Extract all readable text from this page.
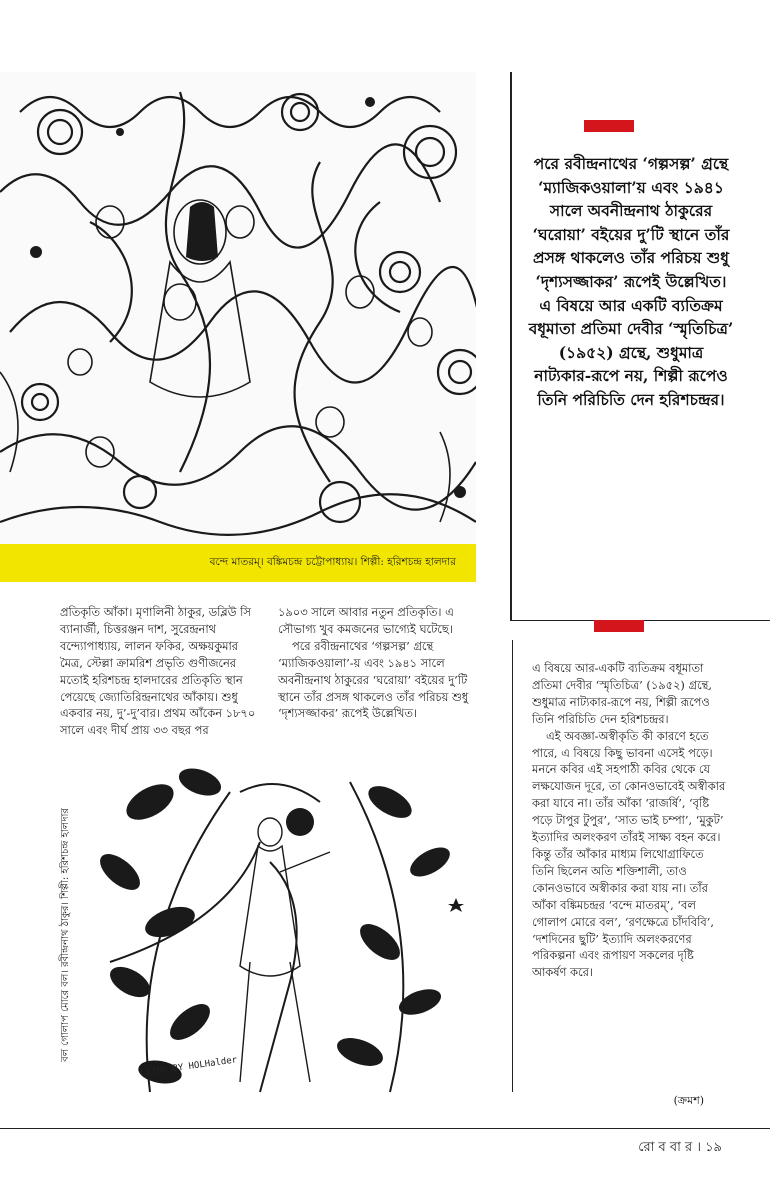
বন্দে মাতরম্‌। বঙ্কিমচন্দ্র চট্টোপাধ্যায়। শিল্পী: হরিশচন্দ্র হালদার
পরে রবীন্দ্রনাথের ‘গল্পসল্প’ গ্রন্থে ‘ম্যাজিকওয়ালা’য় এবং ১৯৪১ সালে অবনীন্দ্রনাথ ঠাকুরের ‘ঘরোয়া’ বইয়ের দু’টি স্থানে তাঁর প্রসঙ্গ থাকলেও তাঁর পরিচয় শুধু ‘দৃশ্যসজ্জাকর’ রূপেই উল্লেখিত। এ বিষয়ে আর একটি ব্যতিক্রম বধূমাতা প্রতিমা দেবীর ‘স্মৃতিচিত্র’ (১৯৫২) গ্রন্থে, শুধুমাত্র নাট্যকার-রূপে নয়, শিল্পী রূপেও তিনি পরিচিতি দেন হরিশচন্দ্রর।

প্রতিকৃতি আঁকা। মৃণালিনী ঠাকুর, ডব্লিউ সি ব্যানার্জী, চিত্তরঞ্জন দাশ, সুরেন্দ্রনাথ বন্দ্যোপাধ্যায়, লালন ফকির, অক্ষয়কুমার মৈত্র, স্টেল্লা ক্রামরিশ প্রভৃতি গুণীজনের মতোই হরিশচন্দ্র হালদারের প্রতিকৃতি স্থান পেয়েছে জ্যোতিরিন্দ্রনাথের আঁকায়। শুধু একবার নয়, দু’-দু’বার। প্রথম আঁকেন ১৮৭০ সালে এবং দীর্ঘ প্রায় ৩৩ বছর পর

১৯০৩ সালে আবার নতুন প্রতিকৃতি। এ সৌভাগ্য খুব কমজনের ভাগ্যেই ঘটেছে।

পরে রবীন্দ্রনাথের ‘গল্পসল্প’ গ্রন্থে ‘ম্যাজিকওয়ালা’-য় এবং ১৯৪১ সালে অবনীন্দ্রনাথ ঠাকুরের ‘ঘরোয়া’ বইয়ের দু’টি স্থানে তাঁর প্রসঙ্গ থাকলেও তাঁর পরিচয় শুধু ‘দৃশ্যসজ্জাকর’ রূপেই উল্লেখিত।

এ বিষয়ে আর-একটি ব্যতিক্রম বধূমাতা প্রতিমা দেবীর ‘স্মৃতিচিত্র’ (১৯৫২) গ্রন্থে, শুধুমাত্র নাট্যকার-রূপে নয়, শিল্পী রূপেও তিনি পরিচিতি দেন হরিশচন্দ্রর।

এই অবজ্ঞা-অস্বীকৃতি কী কারণে হতে পারে, এ বিষয়ে কিছু ভাবনা এসেই পড়ে। মননে কবির এই সহপাঠী কবির থেকে যে লক্ষযোজন দূরে, তা কোনওভাবেই অস্বীকার করা যাবে না। তাঁর আঁকা ‘রাজর্ষি’, ‘বৃষ্টি পড়ে টাপুর টুপুর’, ‘সাত ভাই চম্পা’, ‘মুকুট’ ইত্যাদির অলংকরণ তাঁরই সাক্ষ্য বহন করে। কিন্তু তাঁর আঁকার মাধ্যম লিথোগ্রাফিতে তিনি ছিলেন অতি শক্তিশালী, তাও কোনওভাবে অস্বীকার করা যায় না। তাঁর আঁকা বঙ্কিমচন্দ্রর ‘বন্দে মাতরম্’, ‘বল গোলাপ মোরে বল’, ‘রণক্ষেত্রে চাঁদবিবি’, ‘দশদিনের ছুটি’ ইত্যাদি অলংকরণের পরিকল্পনা এবং রূপায়ণ সকলের দৃষ্টি আকর্ষণ করে।

বল গোলাপ মোরে বল। রবীন্দ্রনাথ ঠাকুর। শিল্পী: হরিশচন্দ্র হালদার
LITHO BY HOLHalder
(ক্রমশ)
রো ব বা র । ১৯
